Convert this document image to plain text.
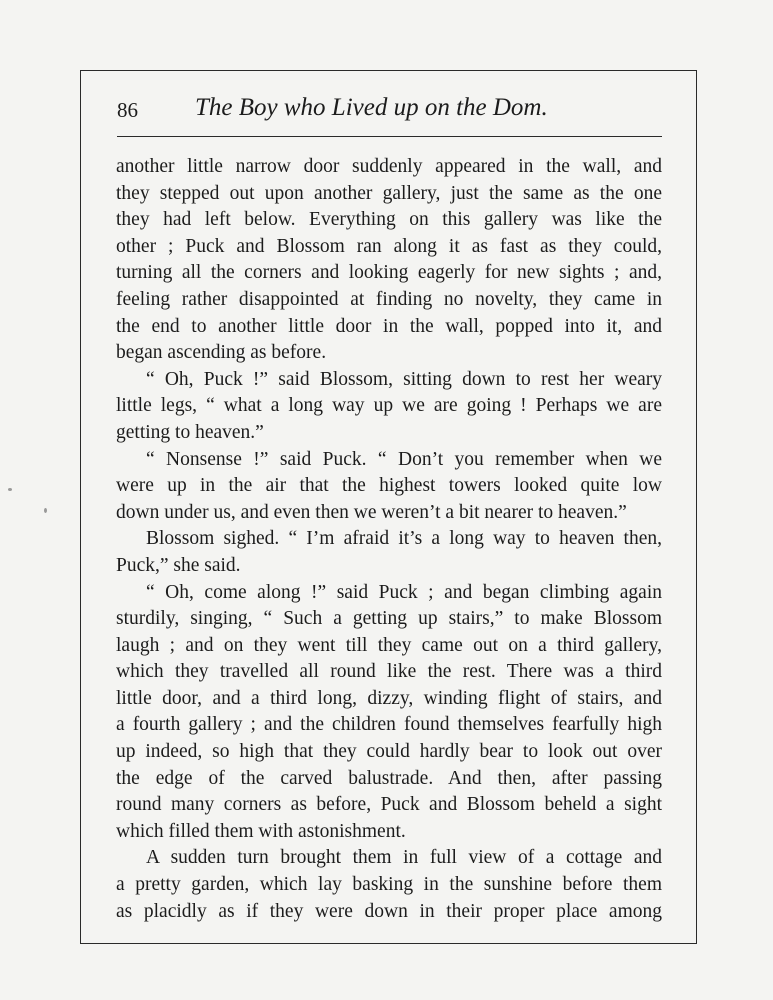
86 The Boy who Lived up on the Dom.
another little narrow door suddenly appeared in the wall, and
they stepped out upon another gallery, just the same as the one
they had left below. Everything on this gallery was like the
other ; Puck and Blossom ran along it as fast as they could,
turning all the corners and looking eagerly for new sights ; and,
feeling rather disappointed at finding no novelty, they came in
the end to another little door in the wall, popped into it, and
began ascending as before.
“ Oh, Puck !” said Blossom, sitting down to rest her weary
little legs, “ what a long way up we are going ! Perhaps we are
getting to heaven.”
“ Nonsense !” said Puck. “ Don’t you remember when we
were up in the air that the highest towers looked quite low
down under us, and even then we weren’t a bit nearer to heaven.”
Blossom sighed. “ I’m afraid it’s a long way to heaven then,
Puck,” she said.
“ Oh, come along !” said Puck ; and began climbing again
sturdily, singing, “ Such a getting up stairs,” to make Blossom
laugh ; and on they went till they came out on a third gallery,
which they travelled all round like the rest. There was a third
little door, and a third long, dizzy, winding flight of stairs, and
a fourth gallery ; and the children found themselves fearfully high
up indeed, so high that they could hardly bear to look out over
the edge of the carved balustrade. And then, after passing
round many corners as before, Puck and Blossom beheld a sight
which filled them with astonishment.
A sudden turn brought them in full view of a cottage and
a pretty garden, which lay basking in the sunshine before them
as placidly as if they were down in their proper place among
